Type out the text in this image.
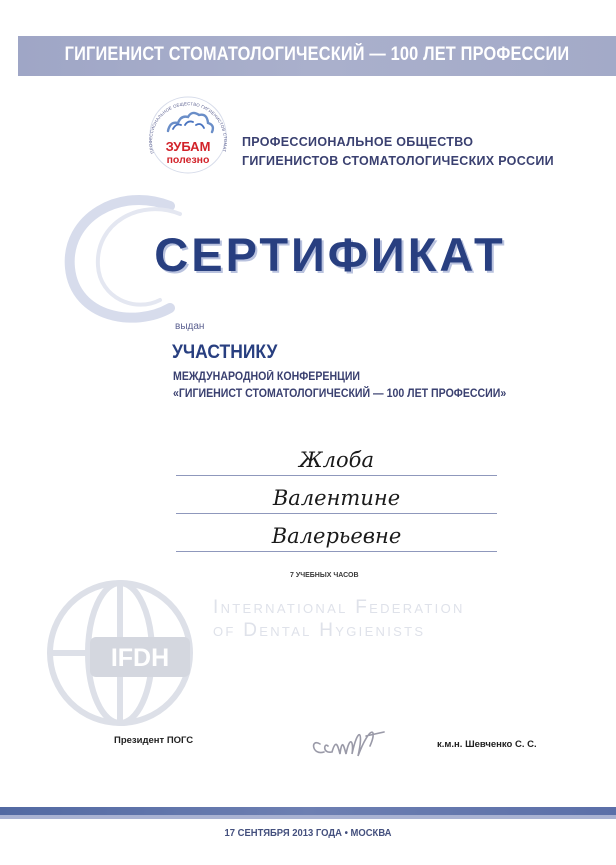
ГИГИЕНИСТ СТОМАТОЛОГИЧЕСКИЙ — 100 ЛЕТ ПРОФЕССИИ
ПРОФЕССИОНАЛЬНОЕ ОБЩЕСТВО ГИГИЕНИСТОВ СТОМАТ
ЗУБАМ
полезно
ПРОФЕССИОНАЛЬНОЕ ОБЩЕСТВО
ГИГИЕНИСТОВ СТОМАТОЛОГИЧЕСКИХ РОССИИ
СЕРТИФИКАТ
выдан
УЧАСТНИКУ
МЕЖДУНАРОДНОЙ КОНФЕРЕНЦИИ
«ГИГИЕНИСТ СТОМАТОЛОГИЧЕСКИЙ — 100 ЛЕТ ПРОФЕССИИ»
Жлоба
Валентине
Валерьевне
7 УЧЕБНЫХ ЧАСОВ
IFDH
International Federation
of Dental Hygienists
Президент ПОГС	к.м.н. Шевченко С. С.
17 СЕНТЯБРЯ 2013 ГОДА • МОСКВА
